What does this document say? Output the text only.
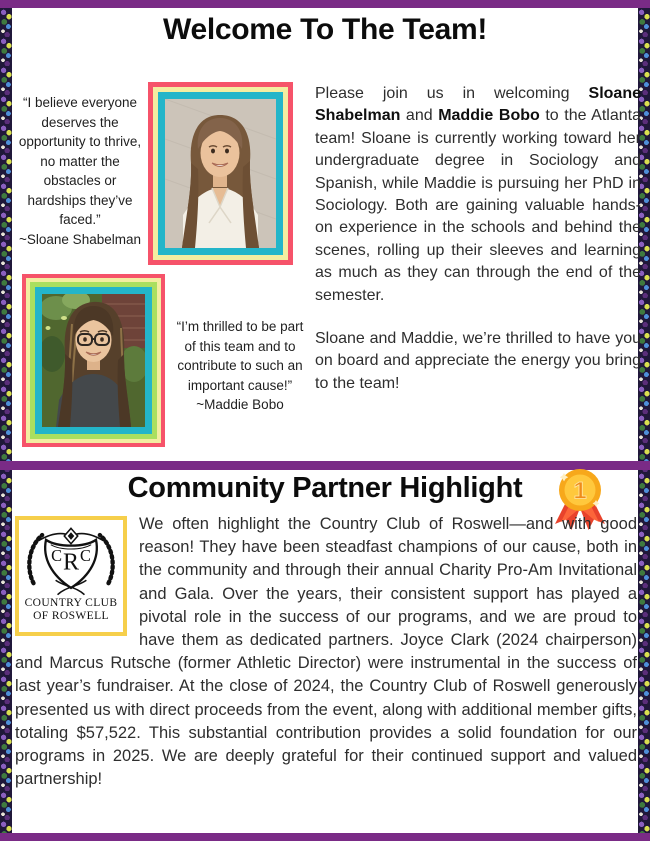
Welcome To The Team!
“I believe everyone deserves the opportunity to thrive, no matter the obstacles or hardships they’ve faced.”
~Sloane Shabelman

Please join us in welcoming Sloane Shabelman and Maddie Bobo to the Atlanta team! Sloane is currently working toward her undergraduate degree in Sociology and Spanish, while Maddie is pursuing her PhD in Sociology. Both are gaining valuable hands-on experience in the schools and behind the scenes, rolling up their sleeves and learning as much as they can through the end of the semester.

Sloane and Maddie, we’re thrilled to have you on board and appreciate the energy you bring to the team!

“I’m thrilled to be part of this team and to contribute to such an important cause!”
~Maddie Bobo
Community Partner Highlight	1
C R C
COUNTRY CLUB
OF ROSWELL
We often highlight the Country Club of Roswell—and with good reason! They have been steadfast champions of our cause, both in the community and through their annual Charity Pro-Am Invitational and Gala. Over the years, their consistent support has played a pivotal role in the success of our programs, and we are proud to have them as dedicated partners. Joyce Clark (2024 chairperson) and Marcus Rutsche (former Athletic Director) were instrumental in the success of last year’s fundraiser. At the close of 2024, the Country Club of Roswell generously presented us with direct proceeds from the event, along with additional member gifts, totaling $57,522. This substantial contribution provides a solid foundation for our programs in 2025. We are deeply grateful for their continued support and valued partnership!
